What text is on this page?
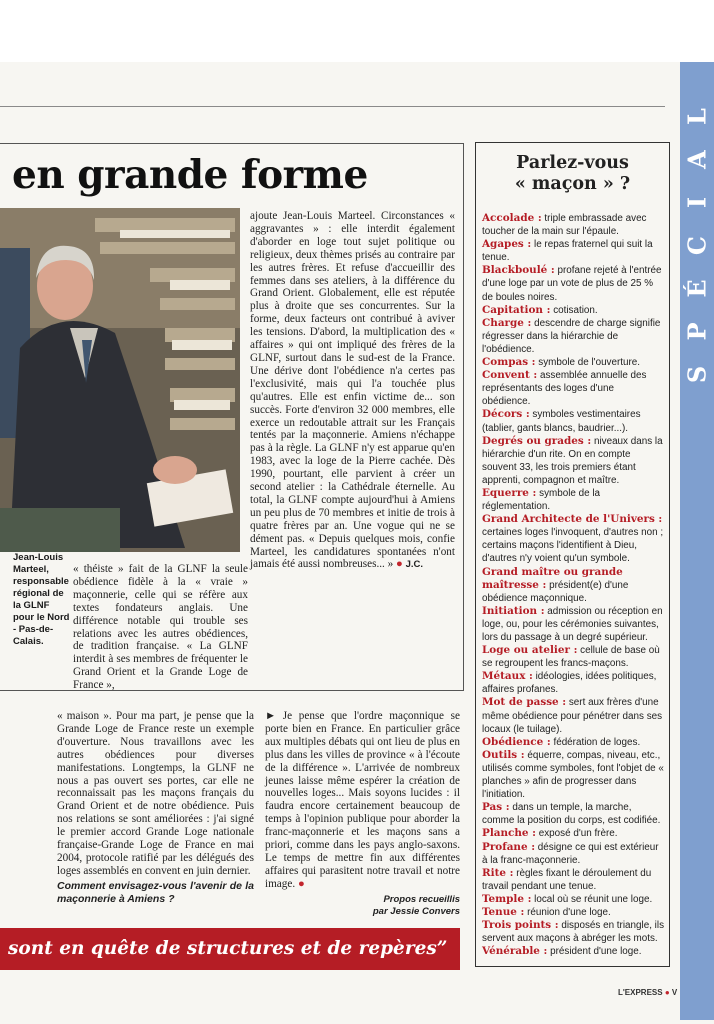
L
A
I
C
É
P
S
en grande forme
Jean-Louis Marteel, responsable régional de la GLNF pour le Nord - Pas-de-Calais.
ajoute Jean-Louis Marteel. Circonstances « aggravantes » : elle interdit également d'aborder en loge tout sujet politique ou religieux, deux thèmes prisés au contraire par les autres frères. Et refuse d'accueillir des femmes dans ses ateliers, à la différence du Grand Orient. Globalement, elle est réputée plus à droite que ses concurrentes. Sur la forme, deux facteurs ont contribué à aviver les tensions. D'abord, la multiplication des « affaires » qui ont impliqué des frères de la GLNF, surtout dans le sud-est de la France. Une dérive dont l'obédience n'a certes pas l'exclusivité, mais qui l'a touchée plus qu'autres. Elle est enfin victime de... son succès. Forte d'environ 32 000 membres, elle exerce un redoutable attrait sur les Français tentés par la maçonnerie. Amiens n'échappe pas à la règle. La GLNF n'y est apparue qu'en 1983, avec la loge de la Pierre cachée. Dès 1990, pourtant, elle parvient à créer un second atelier : la Cathédrale éternelle. Au total, la GLNF compte aujourd'hui à Amiens un peu plus de 70 membres et initie de trois à quatre frères par an. Une vogue qui ne se dément pas. « Depuis quelques mois, confie Marteel, les candidatures spontanées n'ont jamais été aussi nombreuses... » ● J.C.
« théiste » fait de la GLNF la seule obédience fidèle à la « vraie » maçonnerie, celle qui se réfère aux textes fondateurs anglais. Une différence notable qui trouble ses relations avec les autres obédiences, de tradition française. « La GLNF interdit à ses membres de fréquenter le Grand Orient et la Grande Loge de France »,

« maison ». Pour ma part, je pense que la Grande Loge de France reste un exemple d'ouverture. Nous travaillons avec les autres obédiences pour diverses manifestations. Longtemps, la GLNF ne nous a pas ouvert ses portes, car elle ne reconnaissait pas les maçons français du Grand Orient et de notre obédience. Puis nos relations se sont améliorées : j'ai signé le premier accord Grande Loge nationale française-Grande Loge de France en mai 2004, protocole ratifié par les délégués des loges assemblés en convent en juin dernier.

Comment envisagez-vous l'avenir de la maçonnerie à Amiens ?
► Je pense que l'ordre maçonnique se porte bien en France. En particulier grâce aux multiples débats qui ont lieu de plus en plus dans les villes de province « à l'écoute de la différence ». L'arrivée de nombreux jeunes laisse même espérer la création de nouvelles loges... Mais soyons lucides : il faudra encore certainement beaucoup de temps à l'opinion publique pour aborder la franc-maçonnerie et les maçons sans a priori, comme dans les pays anglo-saxons. Le temps de mettre fin aux différentes affaires qui parasitent notre travail et notre image. ●
Propos recueillis
par Jessie Convers
sont en quête de structures et de repères”
Parlez-vous
« maçon » ?

Accolade : triple embrassade avec toucher de la main sur l'épaule.

Agapes : le repas fraternel qui suit la tenue.

Blackboulé : profane rejeté à l'entrée d'une loge par un vote de plus de 25 % de boules noires.

Capitation : cotisation.

Charge : descendre de charge signifie régresser dans la hiérarchie de l'obédience.

Compas : symbole de l'ouverture.

Convent : assemblée annuelle des représentants des loges d'une obédience.

Décors : symboles vestimentaires (tablier, gants blancs, baudrier...).

Degrés ou grades : niveaux dans la hiérarchie d'un rite. On en compte souvent 33, les trois premiers étant apprenti, compagnon et maître.

Equerre : symbole de la réglementation.

Grand Architecte de l'Univers : certaines loges l'invoquent, d'autres non ; certains maçons l'identifient à Dieu, d'autres n'y voient qu'un symbole.

Grand maître ou grande maîtresse : président(e) d'une obédience maçonnique.

Initiation : admission ou réception en loge, ou, pour les cérémonies suivantes, lors du passage à un degré supérieur.

Loge ou atelier : cellule de base où se regroupent les francs-maçons.

Métaux : idéologies, idées politiques, affaires profanes.

Mot de passe : sert aux frères d'une même obédience pour pénétrer dans ses locaux (le tuilage).

Obédience : fédération de loges.

Outils : équerre, compas, niveau, etc., utilisés comme symboles, font l'objet de « planches » afin de progresser dans l'initiation.

Pas : dans un temple, la marche, comme la position du corps, est codifiée.

Planche : exposé d'un frère.

Profane : désigne ce qui est extérieur à la franc-maçonnerie.

Rite : règles fixant le déroulement du travail pendant une tenue.

Temple : local où se réunit une loge.

Tenue : réunion d'une loge.

Trois points : disposés en triangle, ils servent aux maçons à abréger les mots.

Vénérable : président d'une loge.

L'EXPRESS ● V
